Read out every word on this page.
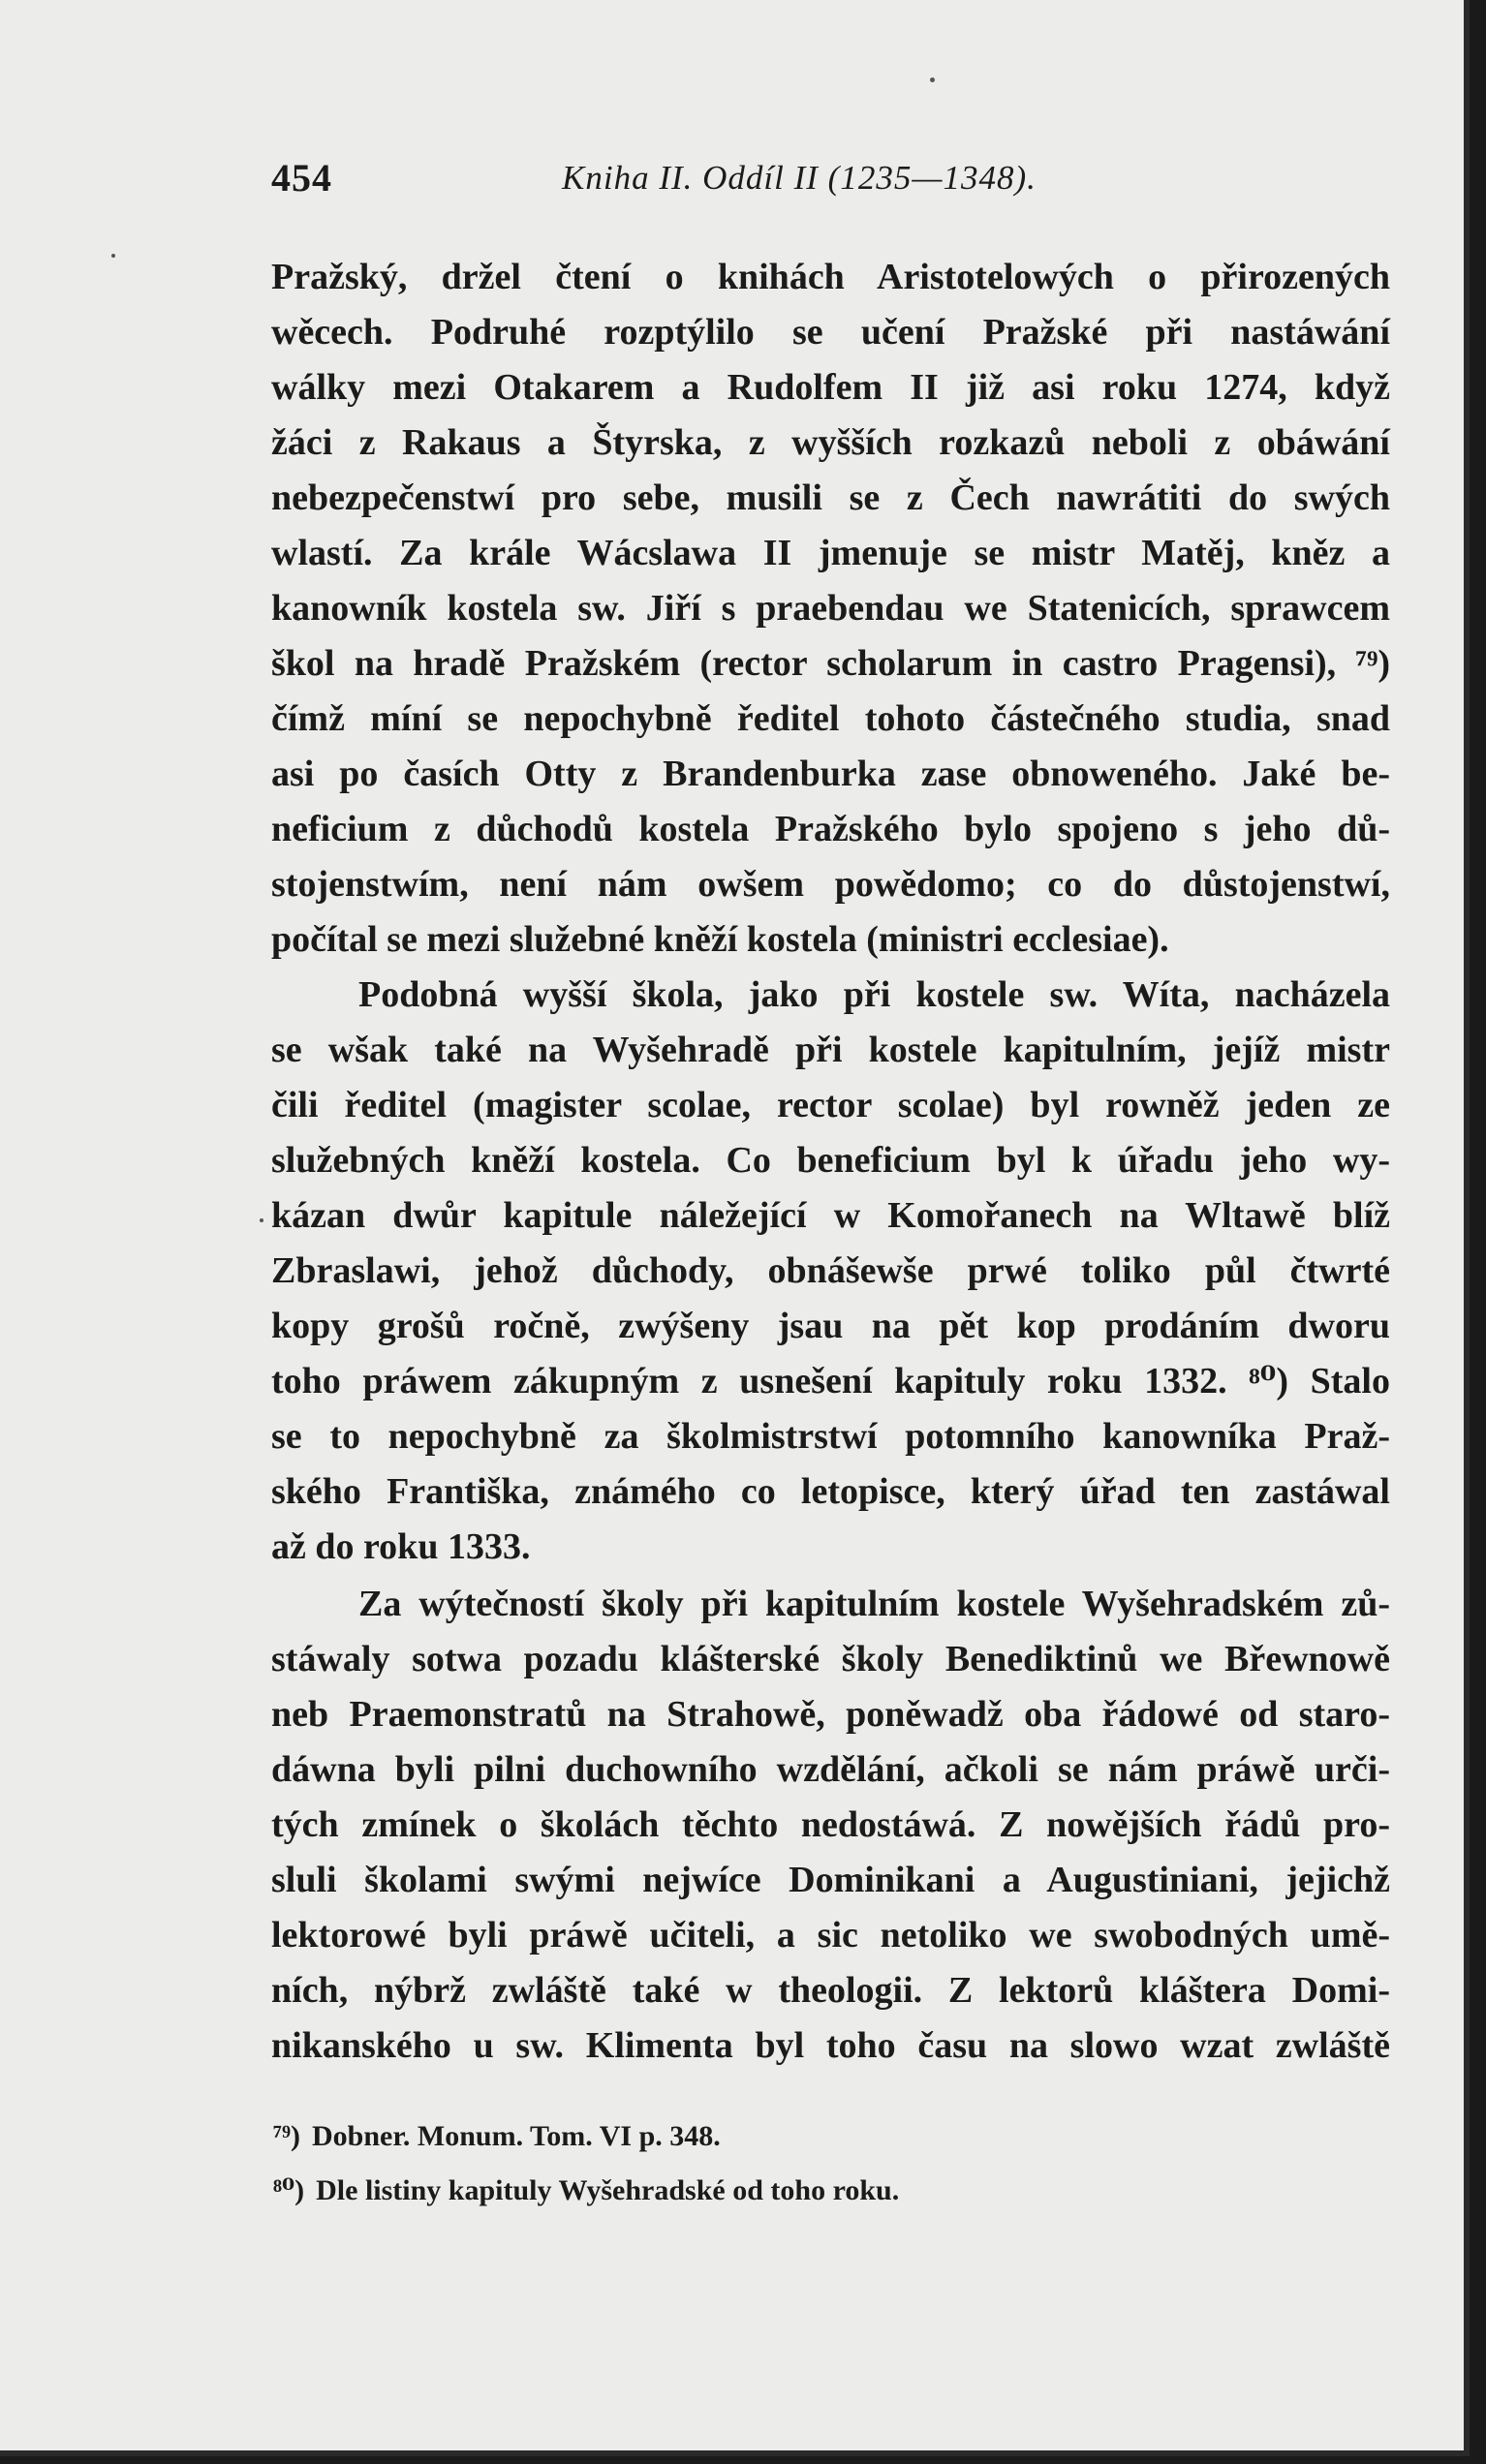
454	Kniha II. Oddíl II (1235—1348).
Pražský, držel čtení o knihách Aristotelowých o přirozených
wěcech. Podruhé rozptýlilo se učení Pražské při nastáwání
wálky mezi Otakarem a Rudolfem II již asi roku 1274, když
žáci z Rakaus a Štyrska, z wyšších rozkazů neboli z obáwání
nebezpečenstwí pro sebe, musili se z Čech nawrátiti do swých
wlastí. Za krále Wácslawa II jmenuje se mistr Matěj, kněz a
kanowník kostela sw. Jiří s praebendau we Statenicích, sprawcem
škol na hradě Pražském (rector scholarum in castro Pragensi), ⁷⁹)
čímž míní se nepochybně ředitel tohoto částečného studia, snad
asi po časích Otty z Brandenburka zase obnoweného. Jaké be-
neficium z důchodů kostela Pražského bylo spojeno s jeho dů-
stojenstwím, není nám owšem powědomo; co do důstojenstwí,
počítal se mezi služebné kněží kostela (ministri ecclesiae).
Podobná wyšší škola, jako při kostele sw. Wíta, nacházela
se wšak také na Wyšehradě při kostele kapitulním, jejíž mistr
čili ředitel (magister scolae, rector scolae) byl rowněž jeden ze
služebných kněží kostela. Co beneficium byl k úřadu jeho wy-
kázan dwůr kapitule náležející w Komořanech na Wltawě blíž
Zbraslawi, jehož důchody, obnášewše prwé toliko půl čtwrté
kopy grošů ročně, zwýšeny jsau na pět kop prodáním dworu
toho práwem zákupným z usnešení kapituly roku 1332. ⁸⁰) Stalo
se to nepochybně za školmistrstwí potomního kanowníka Praž-
ského Františka, známého co letopisce, který úřad ten zastáwal
až do roku 1333.
Za wýtečností školy při kapitulním kostele Wyšehradském zů-
stáwaly sotwa pozadu klášterské školy Benediktinů we Břewnowě
neb Praemonstratů na Strahowě, poněwadž oba řádowé od staro-
dáwna byli pilni duchowního wzdělání, ačkoli se nám práwě urči-
tých zmínek o školách těchto nedostáwá. Z nowějších řádů pro-
sluli školami swými nejwíce Dominikani a Augustiniani, jejichž
lektorowé byli práwě učiteli, a sic netoliko we swobodných umě-
ních, nýbrž zwláště také w theologii. Z lektorů kláštera Domi-
nikanského u sw. Klimenta byl toho času na slowo wzat zwláště
⁷⁹) Dobner. Monum. Tom. VI p. 348.
⁸⁰) Dle listiny kapituly Wyšehradské od toho roku.
